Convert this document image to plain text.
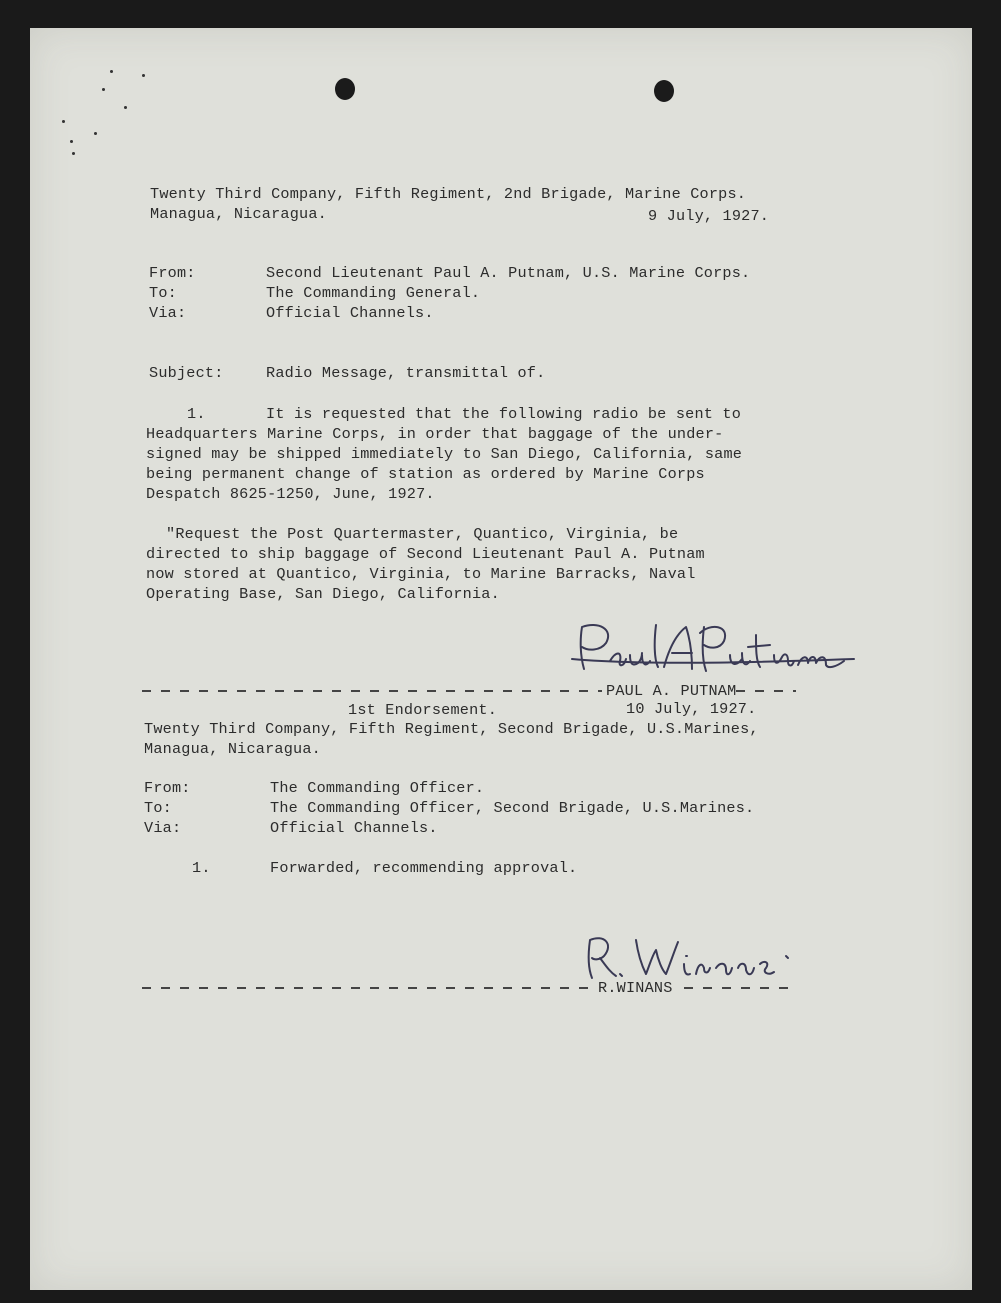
Twenty Third Company, Fifth Regiment, 2nd Brigade, Marine Corps.

Managua, Nicaragua.	9 July, 1927.

From:	Second Lieutenant Paul A. Putnam, U.S. Marine Corps.

To:	The Commanding General.

Via:	Official Channels.

Subject:	Radio Message, transmittal of.

1.	It is requested that the following radio be sent to

Headquarters Marine Corps, in order that baggage of the under-

signed may be shipped immediately to San Diego, California, same

being permanent change of station as ordered by Marine Corps

Despatch 8625-1250, June, 1927.

"Request the Post Quartermaster, Quantico, Virginia, be

directed to ship baggage of Second Lieutenant Paul A. Putnam

now stored at Quantico, Virginia, to Marine Barracks, Naval

Operating Base, San Diego, California.

PAUL A. PUTNAM

1st Endorsement.	10 July, 1927.

Twenty Third Company, Fifth Regiment, Second Brigade, U.S.Marines,

Managua, Nicaragua.

From:	The Commanding Officer.

To:	The Commanding Officer, Second Brigade, U.S.Marines.

Via:	Official Channels.

1.	Forwarded, recommending approval.

R.WINANS
